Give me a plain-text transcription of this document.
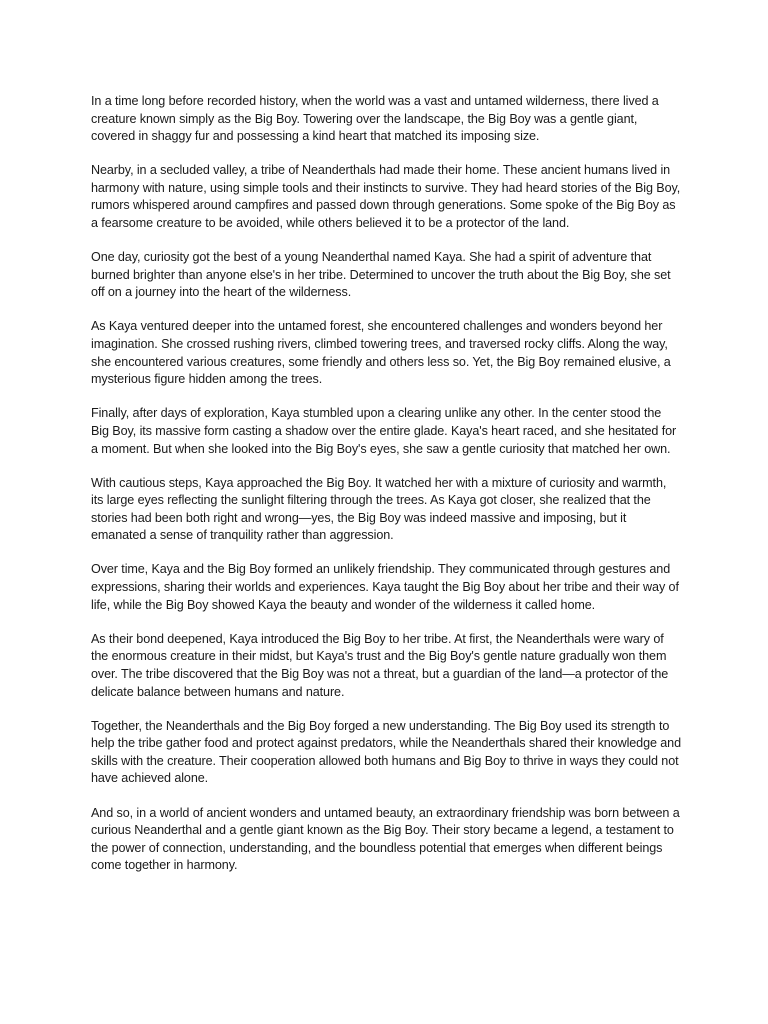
In a time long before recorded history, when the world was a vast and untamed wilderness, there lived a creature known simply as the Big Boy. Towering over the landscape, the Big Boy was a gentle giant, covered in shaggy fur and possessing a kind heart that matched its imposing size.

Nearby, in a secluded valley, a tribe of Neanderthals had made their home. These ancient humans lived in harmony with nature, using simple tools and their instincts to survive. They had heard stories of the Big Boy, rumors whispered around campfires and passed down through generations. Some spoke of the Big Boy as a fearsome creature to be avoided, while others believed it to be a protector of the land.

One day, curiosity got the best of a young Neanderthal named Kaya. She had a spirit of adventure that burned brighter than anyone else's in her tribe. Determined to uncover the truth about the Big Boy, she set off on a journey into the heart of the wilderness.

As Kaya ventured deeper into the untamed forest, she encountered challenges and wonders beyond her imagination. She crossed rushing rivers, climbed towering trees, and traversed rocky cliffs. Along the way, she encountered various creatures, some friendly and others less so. Yet, the Big Boy remained elusive, a mysterious figure hidden among the trees.

Finally, after days of exploration, Kaya stumbled upon a clearing unlike any other. In the center stood the Big Boy, its massive form casting a shadow over the entire glade. Kaya's heart raced, and she hesitated for a moment. But when she looked into the Big Boy's eyes, she saw a gentle curiosity that matched her own.

With cautious steps, Kaya approached the Big Boy. It watched her with a mixture of curiosity and warmth, its large eyes reflecting the sunlight filtering through the trees. As Kaya got closer, she realized that the stories had been both right and wrong—yes, the Big Boy was indeed massive and imposing, but it emanated a sense of tranquility rather than aggression.

Over time, Kaya and the Big Boy formed an unlikely friendship. They communicated through gestures and expressions, sharing their worlds and experiences. Kaya taught the Big Boy about her tribe and their way of life, while the Big Boy showed Kaya the beauty and wonder of the wilderness it called home.

As their bond deepened, Kaya introduced the Big Boy to her tribe. At first, the Neanderthals were wary of the enormous creature in their midst, but Kaya's trust and the Big Boy's gentle nature gradually won them over. The tribe discovered that the Big Boy was not a threat, but a guardian of the land—a protector of the delicate balance between humans and nature.

Together, the Neanderthals and the Big Boy forged a new understanding. The Big Boy used its strength to help the tribe gather food and protect against predators, while the Neanderthals shared their knowledge and skills with the creature. Their cooperation allowed both humans and Big Boy to thrive in ways they could not have achieved alone.

And so, in a world of ancient wonders and untamed beauty, an extraordinary friendship was born between a curious Neanderthal and a gentle giant known as the Big Boy. Their story became a legend, a testament to the power of connection, understanding, and the boundless potential that emerges when different beings come together in harmony.
